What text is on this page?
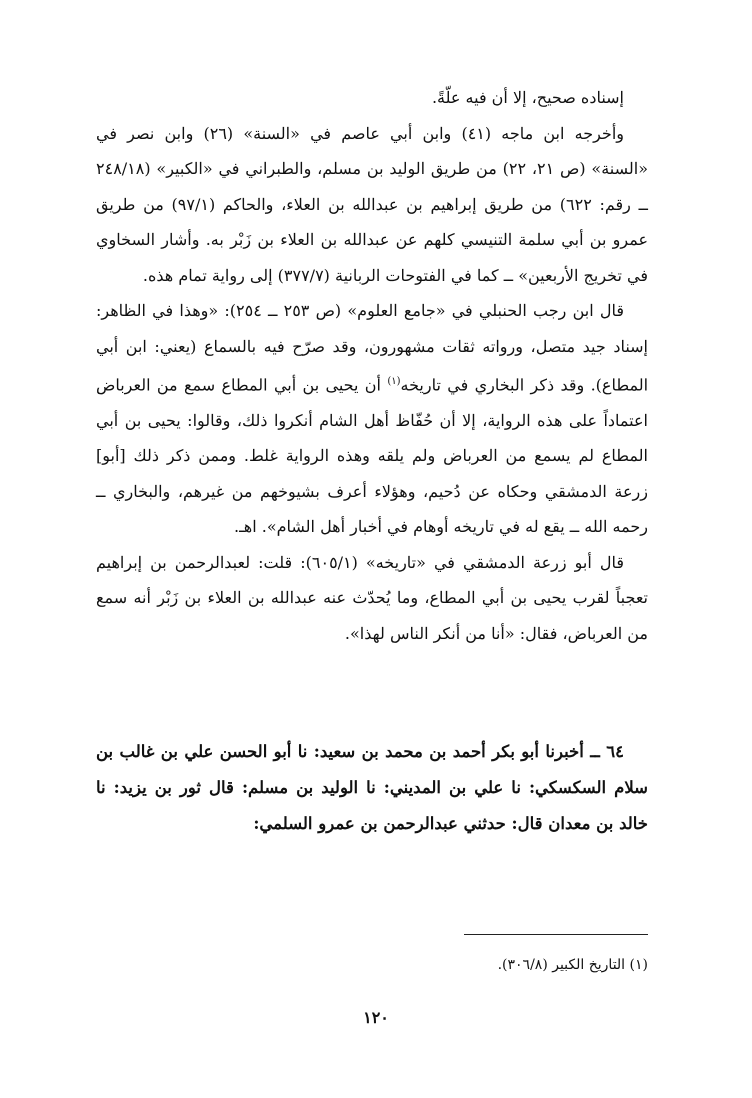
إسناده صحيح، إلا أن فيه علّةً.

وأخرجه ابن ماجه (٤١) وابن أبي عاصم في «السنة» (٢٦) وابن نصر في «السنة» (ص ٢١، ٢٢) من طريق الوليد بن مسلم، والطبراني في «الكبير» (٢٤٨/١٨ ــ رقم: ٦٢٢) من طريق إبراهيم بن عبدالله بن العلاء، والحاكم (٩٧/١) من طريق عمرو بن أبي سلمة التنيسي كلهم عن عبدالله بن العلاء بن زَبْر به. وأشار السخاوي في تخريج الأربعين» ــ كما في الفتوحات الربانية (٣٧٧/٧) إلى رواية تمام هذه.

قال ابن رجب الحنبلي في «جامع العلوم» (ص ٢٥٣ ــ ٢٥٤): «وهذا في الظاهر: إسناد جيد متصل، ورواته ثقات مشهورون، وقد صرّح فيه بالسماع (يعني: ابن أبي المطاع). وقد ذكر البخاري في تاريخه$^{(١)}$ أن يحيى بن أبي المطاع سمع من العرباض اعتماداً على هذه الرواية، إلا أن حُفّاظ أهل الشام أنكروا ذلك، وقالوا: يحيى بن أبي المطاع لم يسمع من العرباض ولم يلقه وهذه الرواية غلط. وممن ذكر ذلك [أبو] زرعة الدمشقي وحكاه عن دُحيم، وهؤلاء أعرف بشيوخهم من غيرهم، والبخاري ــ رحمه الله ــ يقع له في تاريخه أوهام في أخبار أهل الشام». اهـ.

قال أبو زرعة الدمشقي في «تاريخه» (٦٠٥/١): قلت: لعبدالرحمن بن إبراهيم تعجباً لقرب يحيى بن أبي المطاع، وما يُحدّث عنه عبدالله بن العلاء بن زَبْر أنه سمع من العرباض، فقال: «أنا من أنكر الناس لهذا».

٦٤ ــ أخبرنا أبو بكر أحمد بن محمد بن سعيد: نا أبو الحسن علي بن غالب بن سلام السكسكي: نا علي بن المديني: نا الوليد بن مسلم: قال ثور بن يزيد: نا خالد بن معدان قال: حدثني عبدالرحمن بن عمرو السلمي:

(١) التاريخ الكبير (٣٠٦/٨).
١٢٠
